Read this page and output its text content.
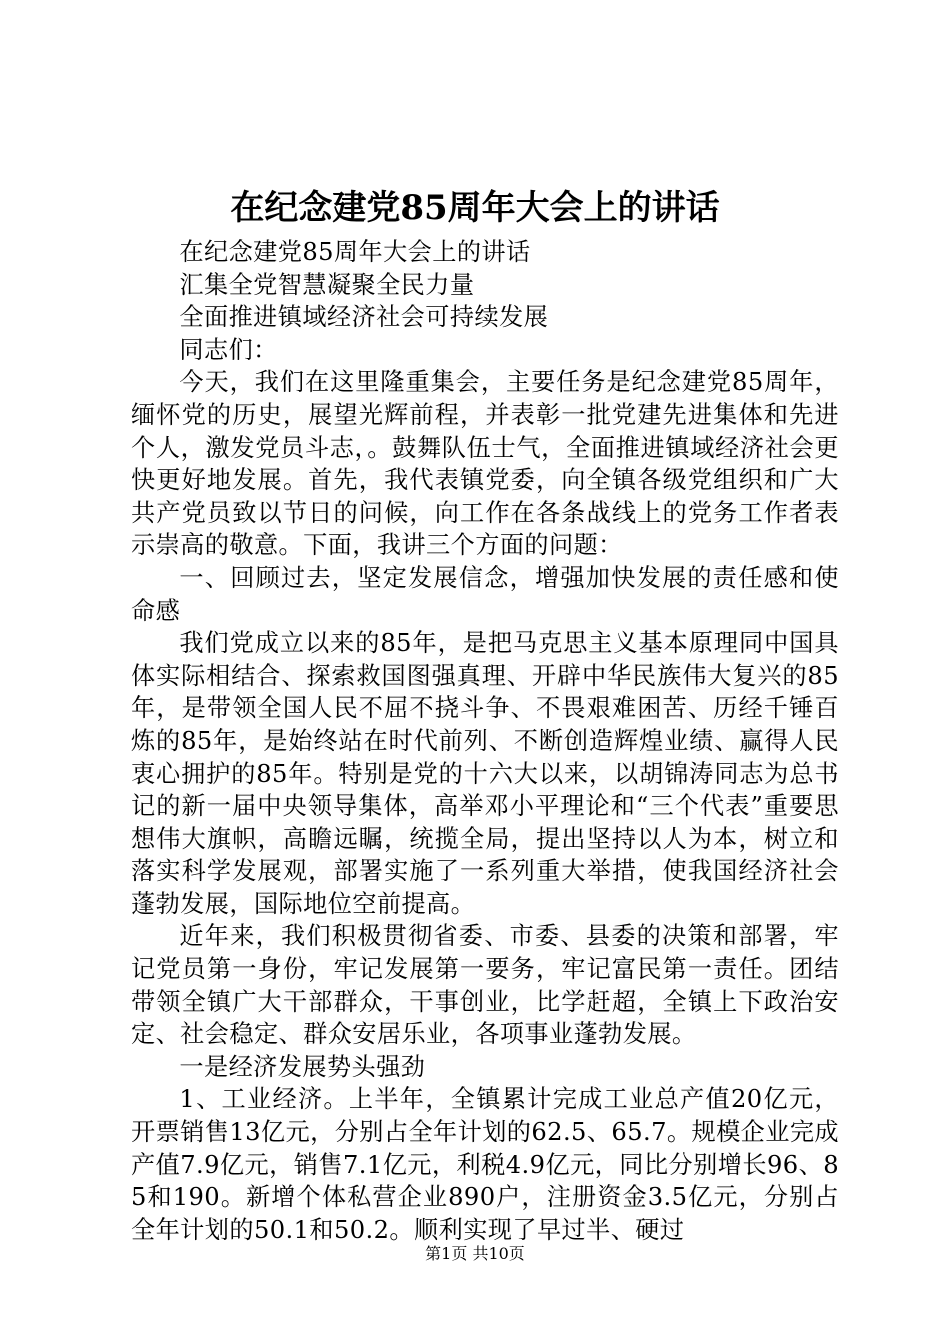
在纪念建党85周年大会上的讲话

在纪念建党85周年大会上的讲话

汇集全党智慧凝聚全民力量

全面推进镇域经济社会可持续发展

同志们：

今天，我们在这里隆重集会，主要任务是纪念建党85周年，缅怀党的历史，展望光辉前程，并表彰一批党建先进集体和先进个人，激发党员斗志，。鼓舞队伍士气，全面推进镇域经济社会更快更好地发展。首先，我代表镇党委，向全镇各级党组织和广大共产党员致以节日的问候，向工作在各条战线上的党务工作者表示崇高的敬意。下面，我讲三个方面的问题：

一、回顾过去，坚定发展信念，增强加快发展的责任感和使命感

我们党成立以来的85年，是把马克思主义基本原理同中国具体实际相结合、探索救国图强真理、开辟中华民族伟大复兴的85年，是带领全国人民不屈不挠斗争、不畏艰难困苦、历经千锤百炼的85年，是始终站在时代前列、不断创造辉煌业绩、赢得人民衷心拥护的85年。特别是党的十六大以来，以胡锦涛同志为总书记的新一届中央领导集体，高举邓小平理论和“三个代表”重要思想伟大旗帜，高瞻远瞩，统揽全局，提出坚持以人为本，树立和落实科学发展观，部署实施了一系列重大举措，使我国经济社会蓬勃发展，国际地位空前提高。

近年来，我们积极贯彻省委、市委、县委的决策和部署，牢记党员第一身份，牢记发展第一要务，牢记富民第一责任。团结带领全镇广大干部群众，干事创业，比学赶超，全镇上下政治安定、社会稳定、群众安居乐业，各项事业蓬勃发展。

一是经济发展势头强劲

1、工业经济。上半年，全镇累计完成工业总产值20亿元，开票销售13亿元，分别占全年计划的62.5、65.7。规模企业完成产值7.9亿元，销售7.1亿元，利税4.9亿元，同比分别增长96、85和190。新增个体私营企业890户，注册资金3.5亿元，分别占全年计划的50.1和50.2。顺利实现了早过半、硬过

第1页 共10页
